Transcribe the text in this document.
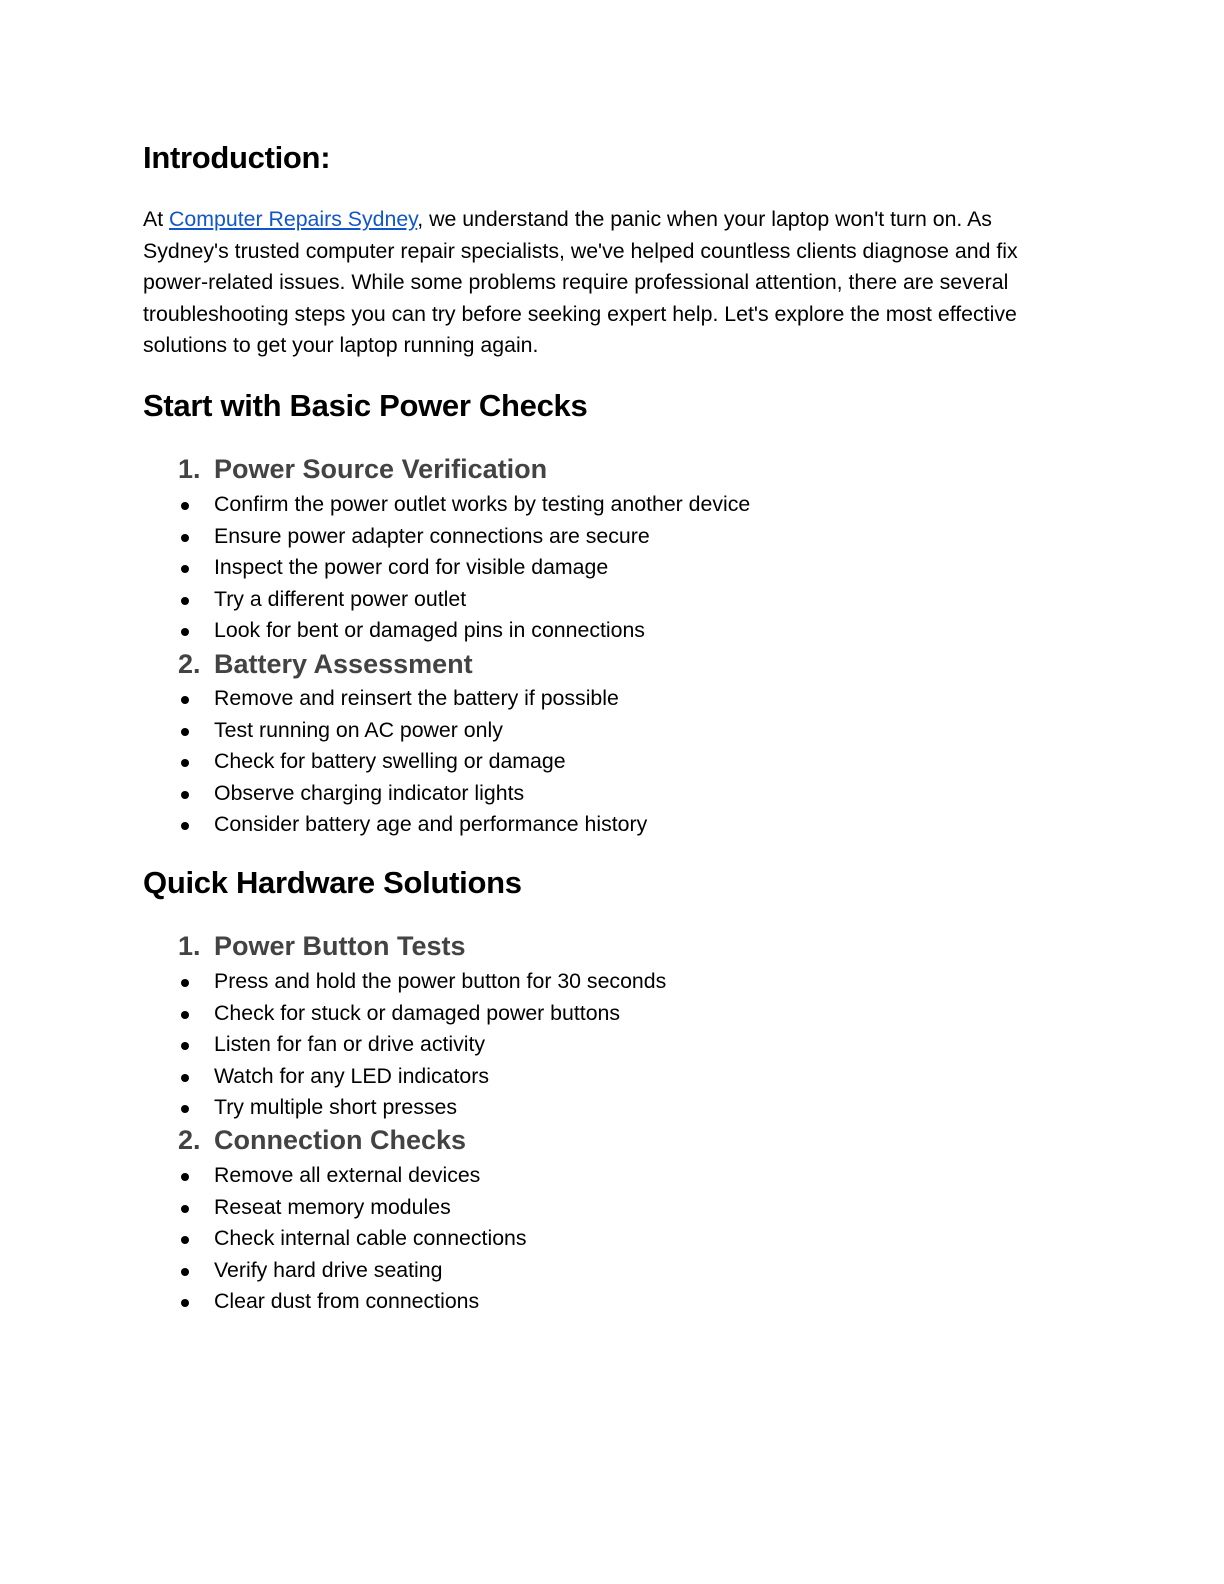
Introduction:

At Computer Repairs Sydney, we understand the panic when your laptop won't turn on. As Sydney's trusted computer repair specialists, we've helped countless clients diagnose and fix power-related issues. While some problems require professional attention, there are several troubleshooting steps you can try before seeking expert help. Let's explore the most effective solutions to get your laptop running again.

Start with Basic Power Checks
1. Power Source Verification
Confirm the power outlet works by testing another device
Ensure power adapter connections are secure
Inspect the power cord for visible damage
Try a different power outlet
Look for bent or damaged pins in connections
2. Battery Assessment
Remove and reinsert the battery if possible
Test running on AC power only
Check for battery swelling or damage
Observe charging indicator lights
Consider battery age and performance history
Quick Hardware Solutions
1. Power Button Tests
Press and hold the power button for 30 seconds
Check for stuck or damaged power buttons
Listen for fan or drive activity
Watch for any LED indicators
Try multiple short presses
2. Connection Checks
Remove all external devices
Reseat memory modules
Check internal cable connections
Verify hard drive seating
Clear dust from connections
